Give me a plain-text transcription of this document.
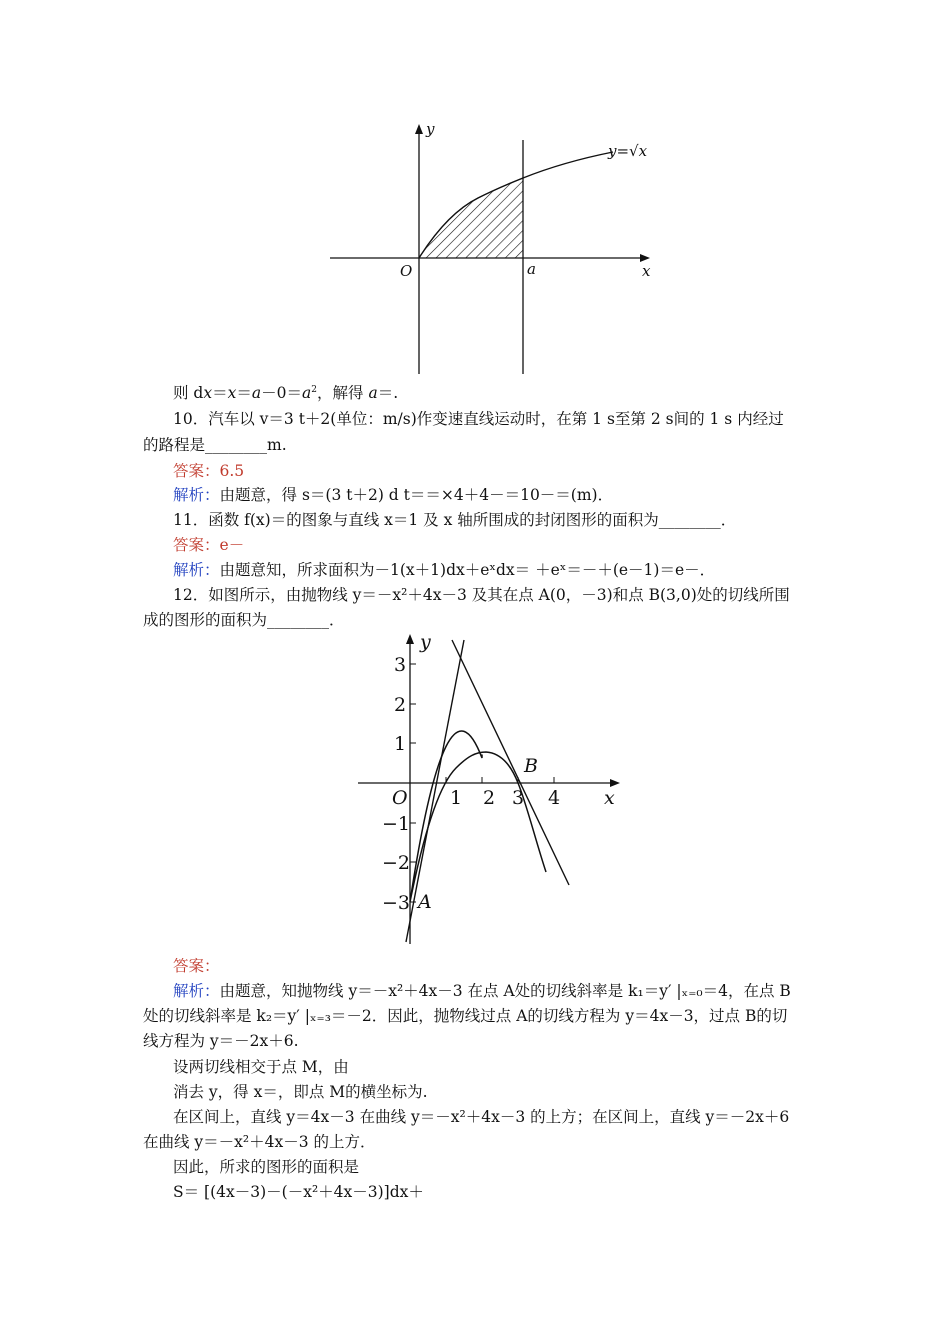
y=√x
y
x
O	a
则 $dx=x=a-0=a^2$，解得 a＝.
10．汽车以 v＝3 t＋2(单位：m/s)作变速直线运动时，在第 1 s至第 2 s间的 1 s 内经过
的路程是________m.
答案：6.5
解析：由题意，得 s＝(3 t＋2) d t＝＝×4＋4－＝10－＝(m)．
11．函数 f(x)＝的图象与直线 x＝1 及 x 轴所围成的封闭图形的面积为________．
答案：e－
解析：由题意知，所求面积为－1(x＋1)dx＋eˣdx＝ ＋eˣ＝－＋(e－1)＝e－．
12．如图所示，由抛物线 y＝－x²＋4x－3 及其在点 A(0，－3)和点 B(3,0)处的切线所围
成的图形的面积为________．
y
x
O 1 2 3 4
3
2
1
−1
−2
−3 A
B
答案：
解析：由题意，知抛物线 y＝－x²＋4x－3 在点 A处的切线斜率是 k₁＝y′ |ₓ₌₀＝4，在点 B
处的切线斜率是 k₂＝y′ |ₓ₌₃＝－2．因此，抛物线过点 A的切线方程为 y＝4x－3，过点 B的切
线方程为 y＝－2x＋6.
设两切线相交于点 M，由
消去 y，得 x＝，即点 M的横坐标为.
在区间上，直线 y＝4x－3 在曲线 y＝－x²＋4x－3 的上方；在区间上，直线 y＝－2x＋6
在曲线 y＝－x²＋4x－3 的上方．
因此，所求的图形的面积是
S＝ [(4x－3)－(－x²＋4x－3)]dx＋
